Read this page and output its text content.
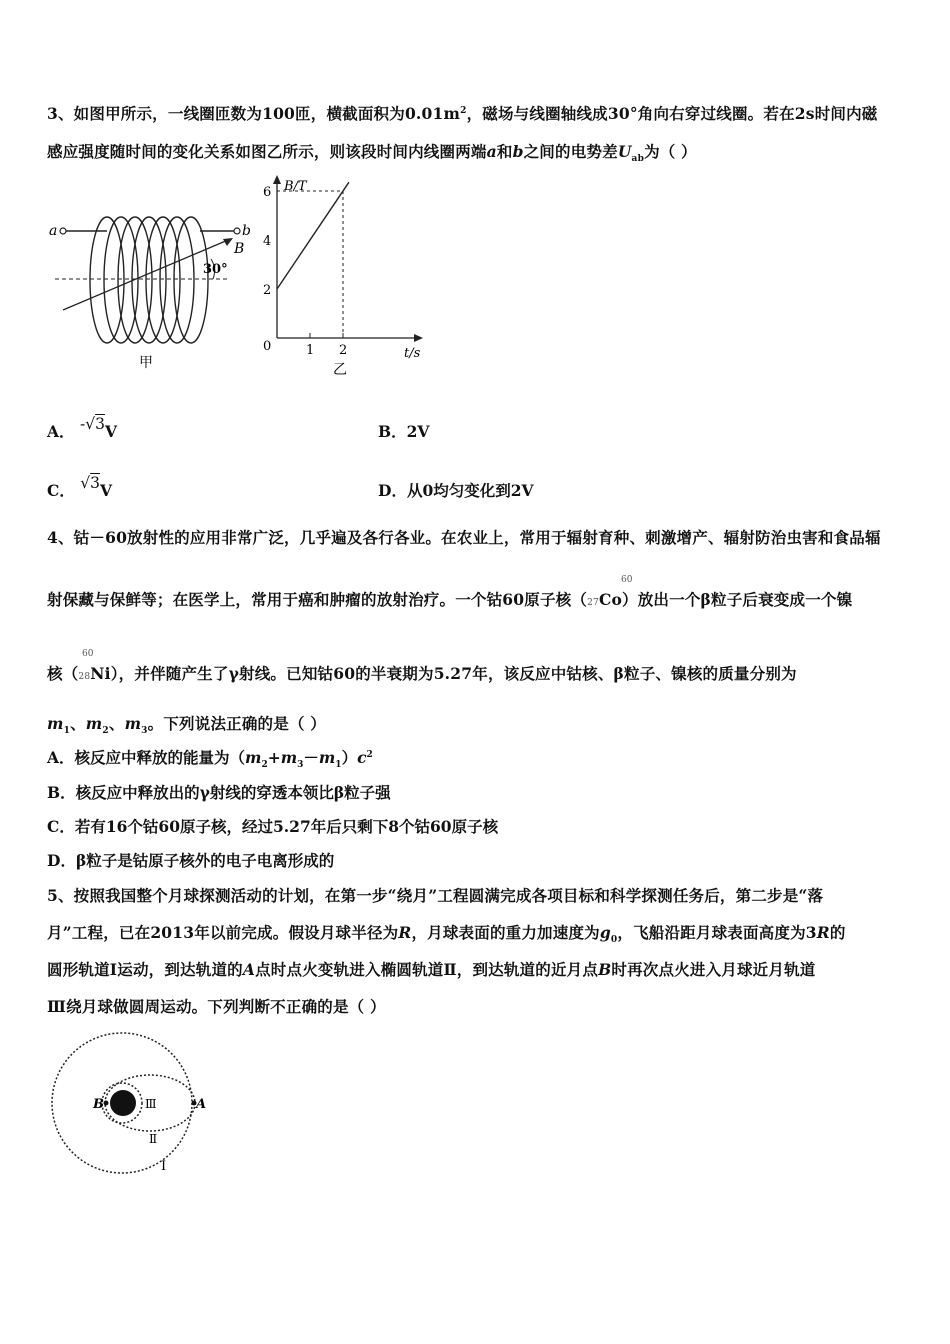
3、如图甲所示，一线圈匝数为100匝，横截面积为$0.01m^2$，磁场与线圈轴线成30°角向右穿过线圈。若在2s时间内磁
感应强度随时间的变化关系如图乙所示，则该段时间内线圈两端a和b之间的电势差$U_{ab}$为（ ）
a	b
B
30°
甲
2
4
6
1 2
B/T
t/s
0
乙
A． -√3V	B．2V
C． √3V	D．从0均匀变化到2V
4、钴－60放射性的应用非常广泛，几乎遍及各行各业。在农业上，常用于辐射育种、刺激增产、辐射防治虫害和食品辐
60
射保藏与保鲜等；在医学上，常用于癌和肿瘤的放射治疗。一个钴60原子核（27Co）放出一个β粒子后衰变成一个镍
60
核（28Ni），并伴随产生了γ射线。已知钴60的半衰期为5.27年，该反应中钴核、β粒子、镍核的质量分别为
$m_1$、$m_2$、$m_3$。下列说法正确的是（ ）
A．核反应中释放的能量为$(m_2+m_3-m_1)c^2$
B．核反应中释放出的γ射线的穿透本领比β粒子强
C．若有16个钴60原子核，经过5.27年后只剩下8个钴60原子核
D．β粒子是钴原子核外的电子电离形成的
5、按照我国整个月球探测活动的计划，在第一步“绕月”工程圆满完成各项目标和科学探测任务后，第二步是“落
月”工程，已在2013年以前完成。假设月球半径为R，月球表面的重力加速度为$g_0$，飞船沿距月球表面高度为3R的
圆形轨道Ⅰ运动，到达轨道的A点时点火变轨进入椭圆轨道Ⅱ，到达轨道的近月点B时再次点火进入月球近月轨道
Ⅲ绕月球做圆周运动。下列判断不正确的是（ ）
B	A
Ⅲ
Ⅱ
Ⅰ
